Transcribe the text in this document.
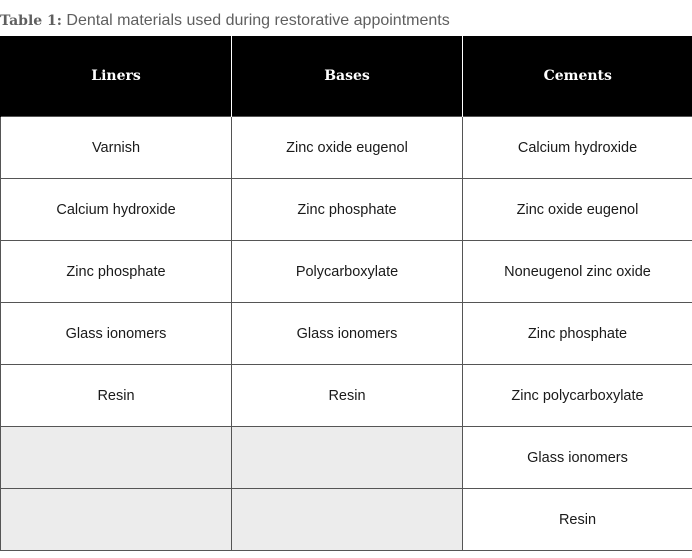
Table 1: Dental materials used during restorative appointments
Liners	Bases	Cements
Varnish	Zinc oxide eugenol	Calcium hydroxide
Calcium hydroxide	Zinc phosphate	Zinc oxide eugenol
Zinc phosphate	Polycarboxylate	Noneugenol zinc oxide
Glass ionomers	Glass ionomers	Zinc phosphate
Resin	Resin	Zinc polycarboxylate
		Glass ionomers
		Resin
